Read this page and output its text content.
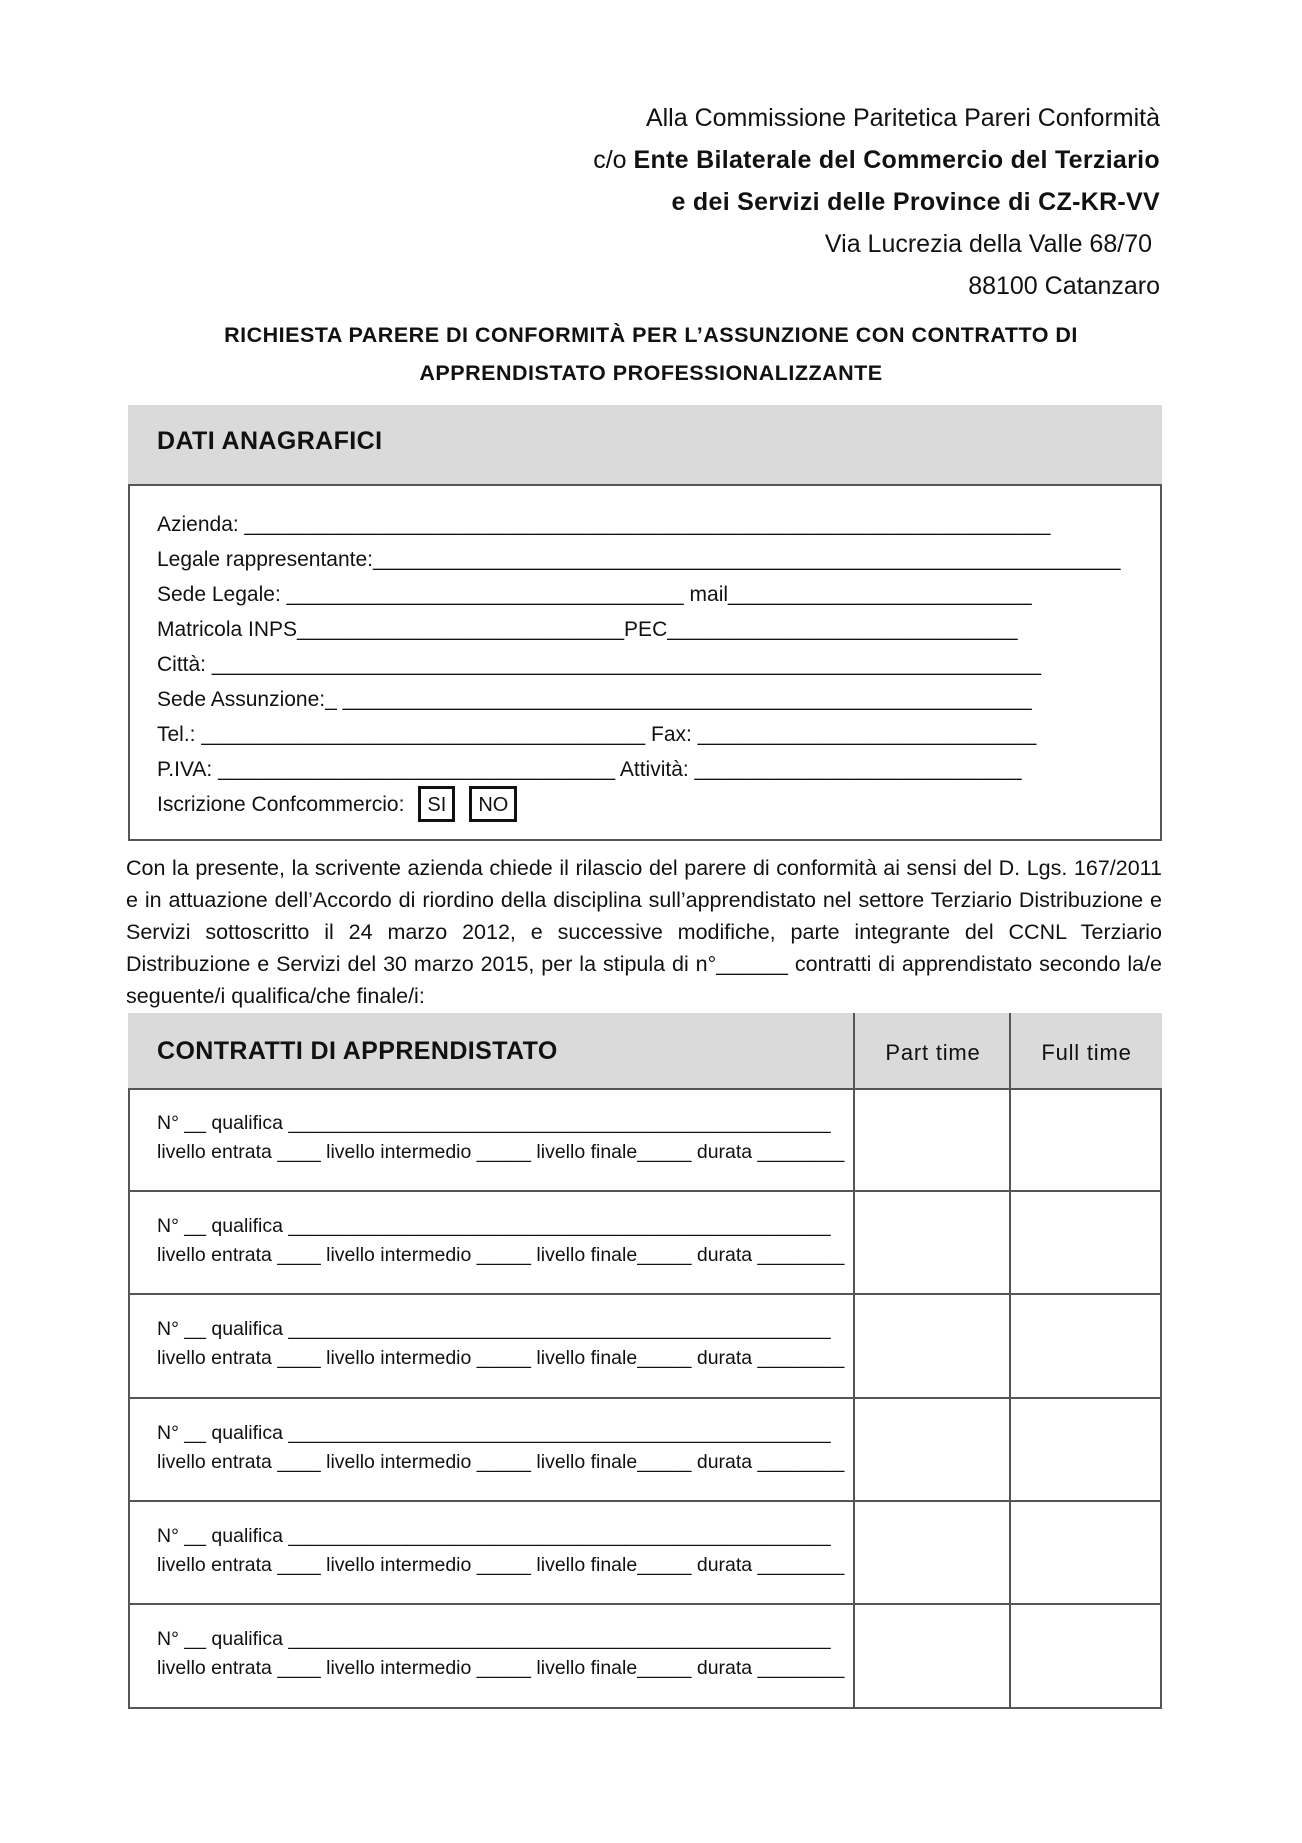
Alla Commissione Paritetica Pareri Conformità
c/o Ente Bilaterale del Commercio del Terziario
e dei Servizi delle Province di CZ-KR-VV
Via Lucrezia della Valle 68/70
88100 Catanzaro
RICHIESTA PARERE DI CONFORMITÀ PER L’ASSUNZIONE CON CONTRATTO DI
APPRENDISTATO PROFESSIONALIZZANTE
DATI ANAGRAFICI
Azienda: _____________________________________________________________________
Legale rappresentante:________________________________________________________________
Sede Legale: __________________________________ mail__________________________
Matricola INPS____________________________PEC______________________________
Città: _______________________________________________________________________
Sede Assunzione:_ ___________________________________________________________
Tel.: ______________________________________ Fax: _____________________________
P.IVA: __________________________________ Attività: ____________________________
Iscrizione Confcommercio: SI NO
Con la presente, la scrivente azienda chiede il rilascio del parere di conformità ai sensi del D. Lgs. 167/2011 e in attuazione dell’Accordo di riordino della disciplina sull’apprendistato nel settore Terziario Distribuzione e Servizi sottoscritto il 24 marzo 2012, e successive modifiche, parte integrante del CCNL Terziario Distribuzione e Servizi del 30 marzo 2015, per la stipula di n°______ contratti di apprendistato secondo la/e seguente/i qualifica/che finale/i:
CONTRATTI DI APPRENDISTATO	Part time	Full time
N° __ qualifica __________________________________________________
livello entrata ____ livello intermedio _____ livello finale_____ durata ________
N° __ qualifica __________________________________________________
livello entrata ____ livello intermedio _____ livello finale_____ durata ________
N° __ qualifica __________________________________________________
livello entrata ____ livello intermedio _____ livello finale_____ durata ________
N° __ qualifica __________________________________________________
livello entrata ____ livello intermedio _____ livello finale_____ durata ________
N° __ qualifica __________________________________________________
livello entrata ____ livello intermedio _____ livello finale_____ durata ________
N° __ qualifica __________________________________________________
livello entrata ____ livello intermedio _____ livello finale_____ durata ________
